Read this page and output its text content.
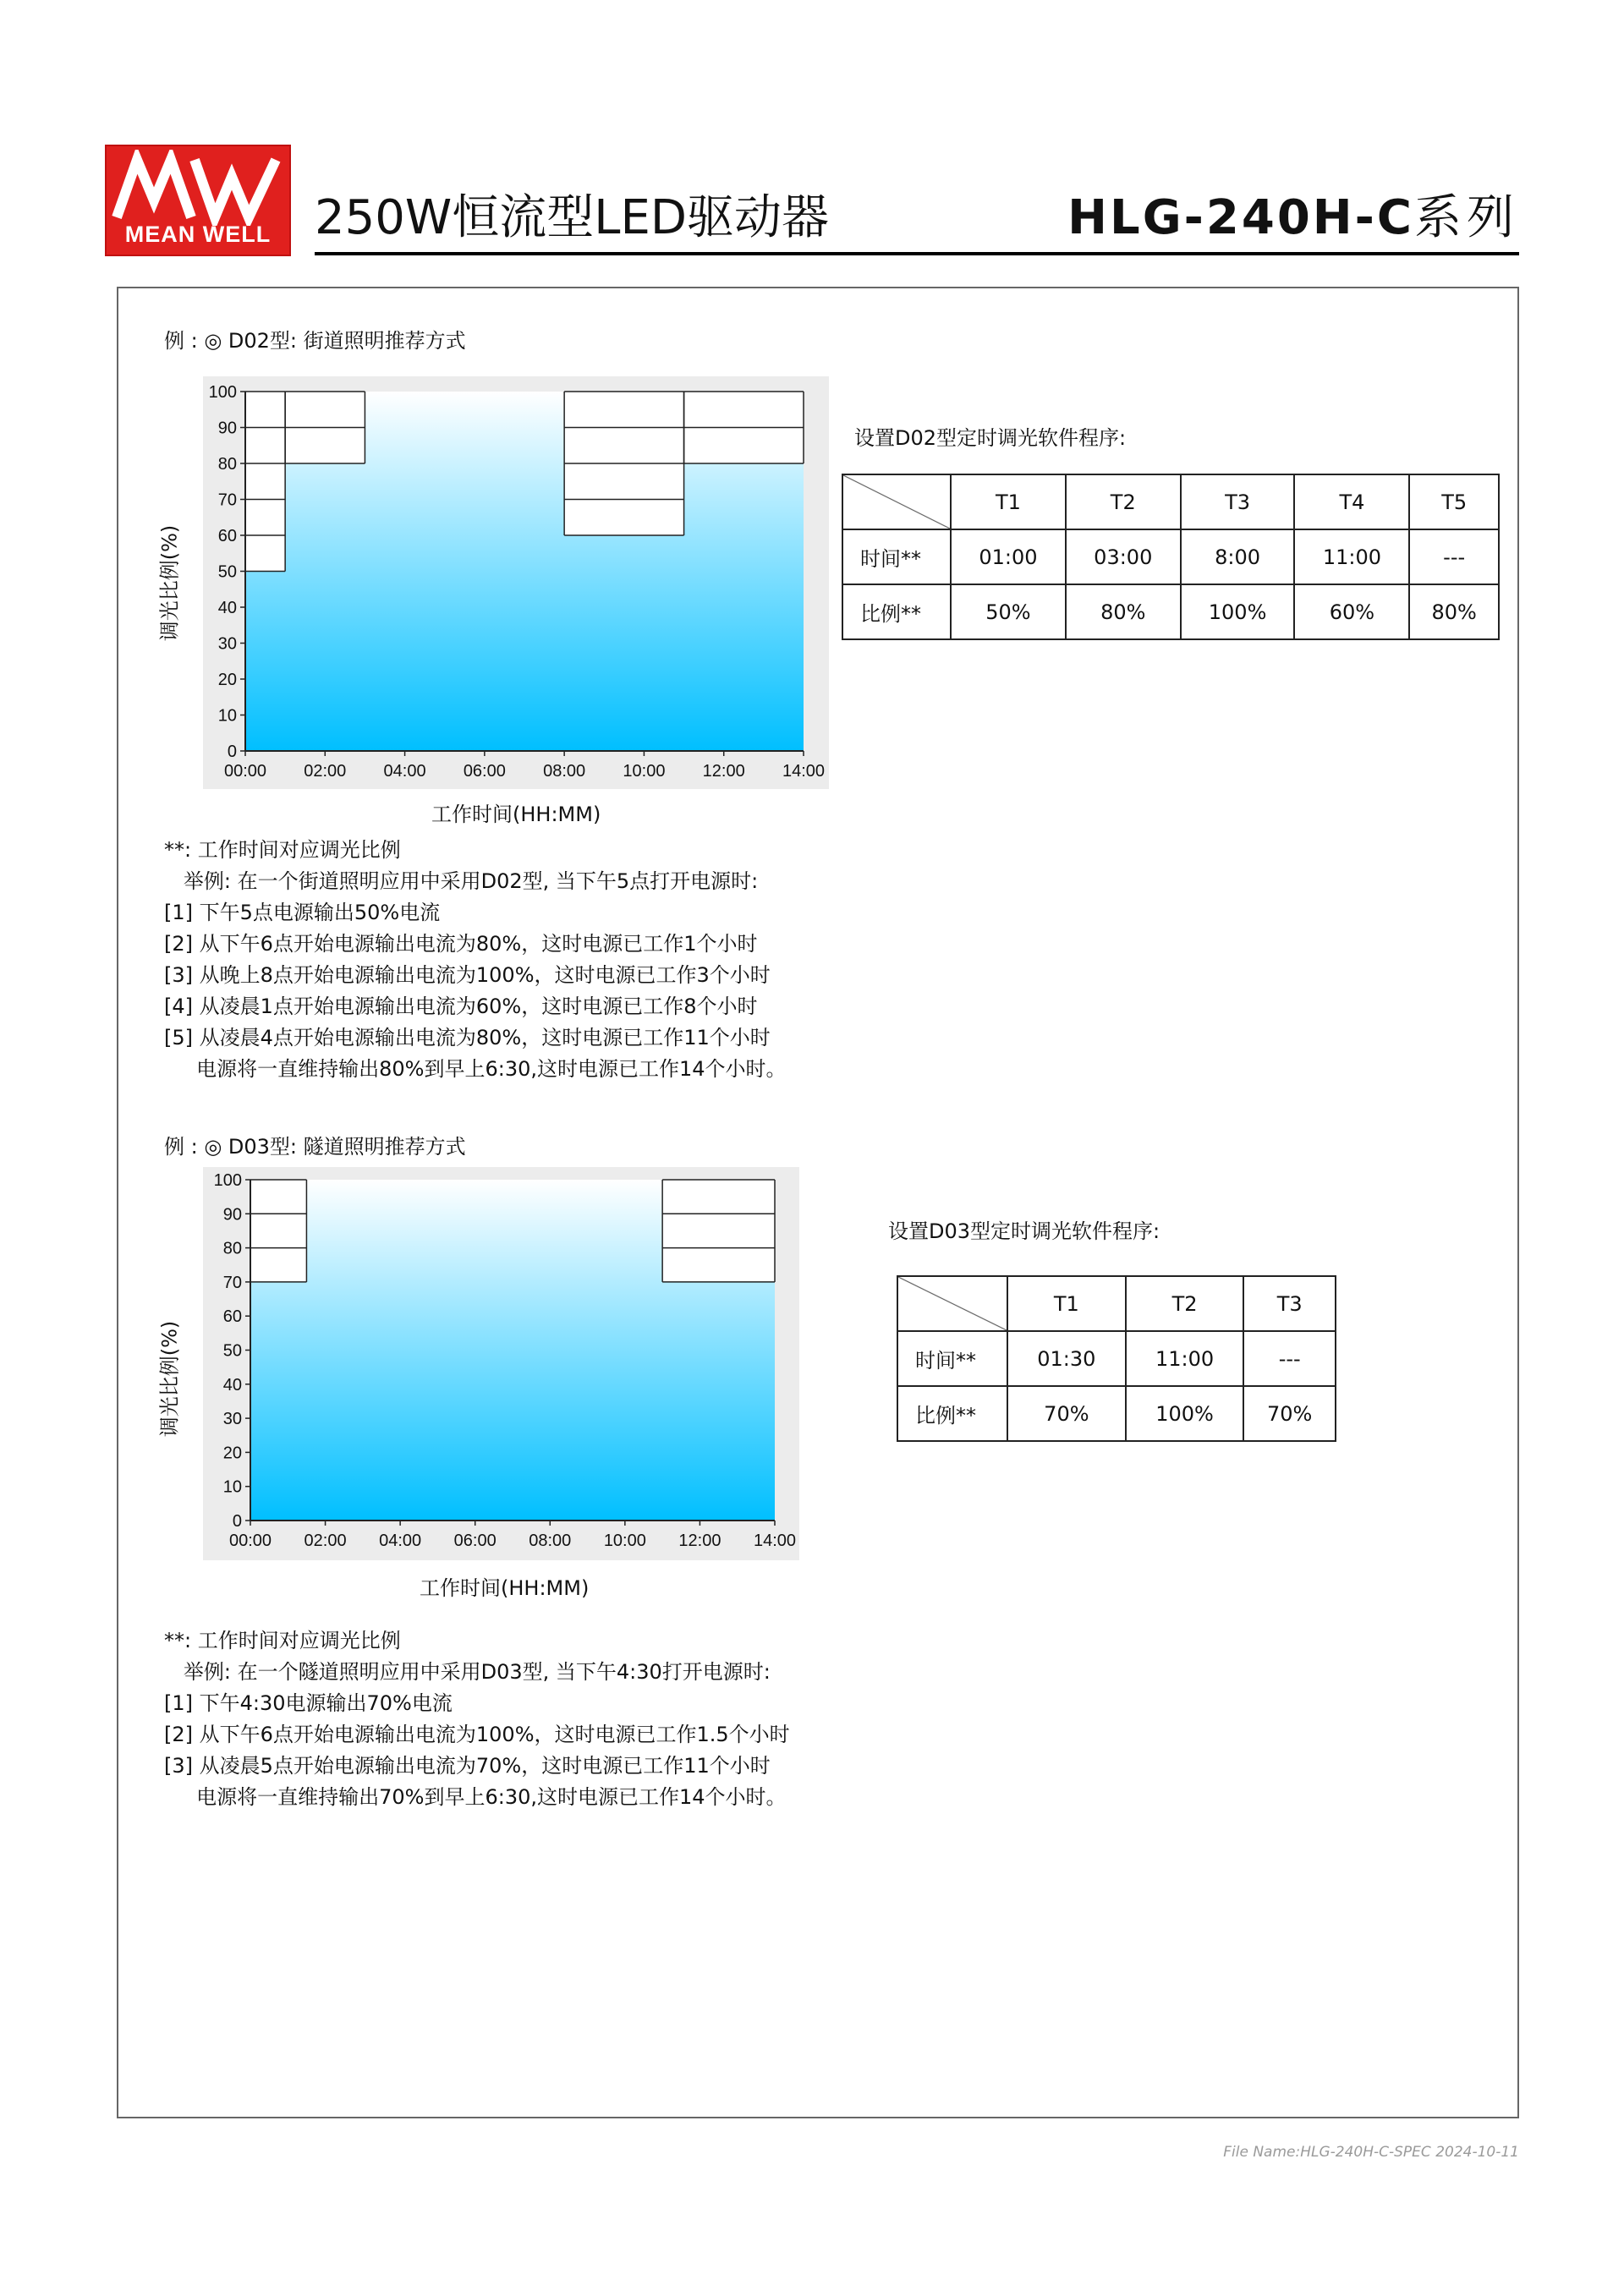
MEAN WELL 250W恒流型LED驱动器	HLG-240H-C系列
例 : ◎ D02型: 街道照明推荐方式
0
10
20
30
40
50
60
70
80
90
100
00:00 02:00 04:00 06:00 08:00 10:00 12:00 14:00
调光比例(%)
工作时间(HH:MM)
设置D02型定时调光软件程序:
	T1	T2	T3	T4	T5
时间**	01:00	03:00	8:00	11:00	---
比例**	50%	80%	100%	60%	80%
**: 工作时间对应调光比例
举例: 在一个街道照明应用中采用D02型, 当下午5点打开电源时:
[1] 下午5点电源输出50%电流
[2] 从下午6点开始电源输出电流为80%，这时电源已工作1个小时
[3] 从晚上8点开始电源输出电流为100%，这时电源已工作3个小时
[4] 从凌晨1点开始电源输出电流为60%，这时电源已工作8个小时
[5] 从凌晨4点开始电源输出电流为80%，这时电源已工作11个小时
电源将一直维持输出80%到早上6:30,这时电源已工作14个小时。
例 : ◎ D03型: 隧道照明推荐方式
0
10
20
30
40
50
60
70
80
90
100
00:00 02:00 04:00 06:00 08:00 10:00 12:00 14:00
调光比例(%)
工作时间(HH:MM)
设置D03型定时调光软件程序:
	T1	T2	T3
时间**	01:30	11:00	---
比例**	70%	100%	70%
**: 工作时间对应调光比例
举例: 在一个隧道照明应用中采用D03型, 当下午4:30打开电源时:
[1] 下午4:30电源输出70%电流
[2] 从下午6点开始电源输出电流为100%，这时电源已工作1.5个小时
[3] 从凌晨5点开始电源输出电流为70%，这时电源已工作11个小时
电源将一直维持输出70%到早上6:30,这时电源已工作14个小时。
File Name:HLG-240H-C-SPEC 2024-10-11
